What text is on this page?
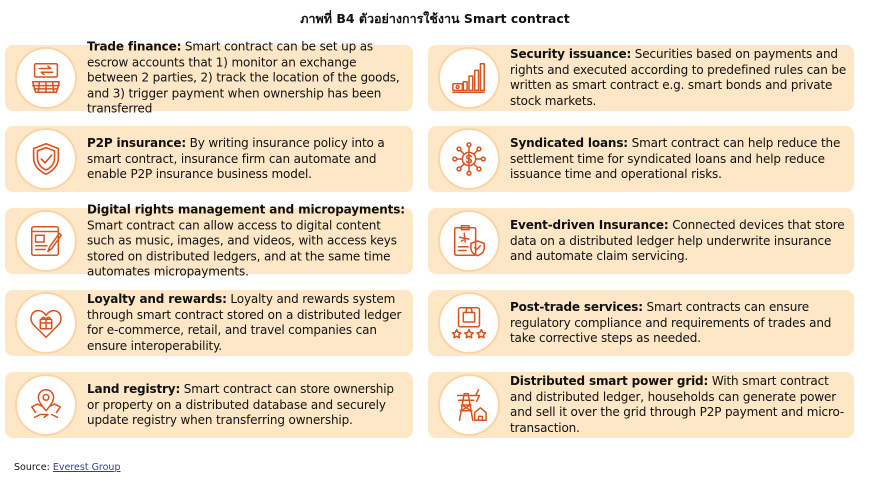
ภาพที่ B4 ตัวอย่างการใช้งาน Smart contract
Trade finance: Smart contract can be set up as escrow accounts that 1) monitor an exchange between 2 parties, 2) track the location of the goods, and 3) trigger payment when ownership has been transferred
P2P insurance: By writing insurance policy into a smart contract, insurance firm can automate and enable P2P insurance business model.
Digital rights management and micropayments: Smart contract can allow access to digital content such as music, images, and videos, with access keys stored on distributed ledgers, and at the same time automates micropayments.
Loyalty and rewards: Loyalty and rewards system through smart contract stored on a distributed ledger for e-commerce, retail, and travel companies can ensure interoperability.
Land registry: Smart contract can store ownership or property on a distributed database and securely update registry when transferring ownership.
Security issuance: Securities based on payments and rights and executed according to predefined rules can be written as smart contract e.g. smart bonds and private stock markets.
Syndicated loans: Smart contract can help reduce the settlement time for syndicated loans and help reduce issuance time and operational risks.
Event-driven Insurance: Connected devices that store data on a distributed ledger help underwrite insurance and automate claim servicing.
Post-trade services: Smart contracts can ensure regulatory compliance and requirements of trades and take corrective steps as needed.
Distributed smart power grid: With smart contract and distributed ledger, households can generate power and sell it over the grid through P2P payment and micro-transaction.
Source: Everest Group
